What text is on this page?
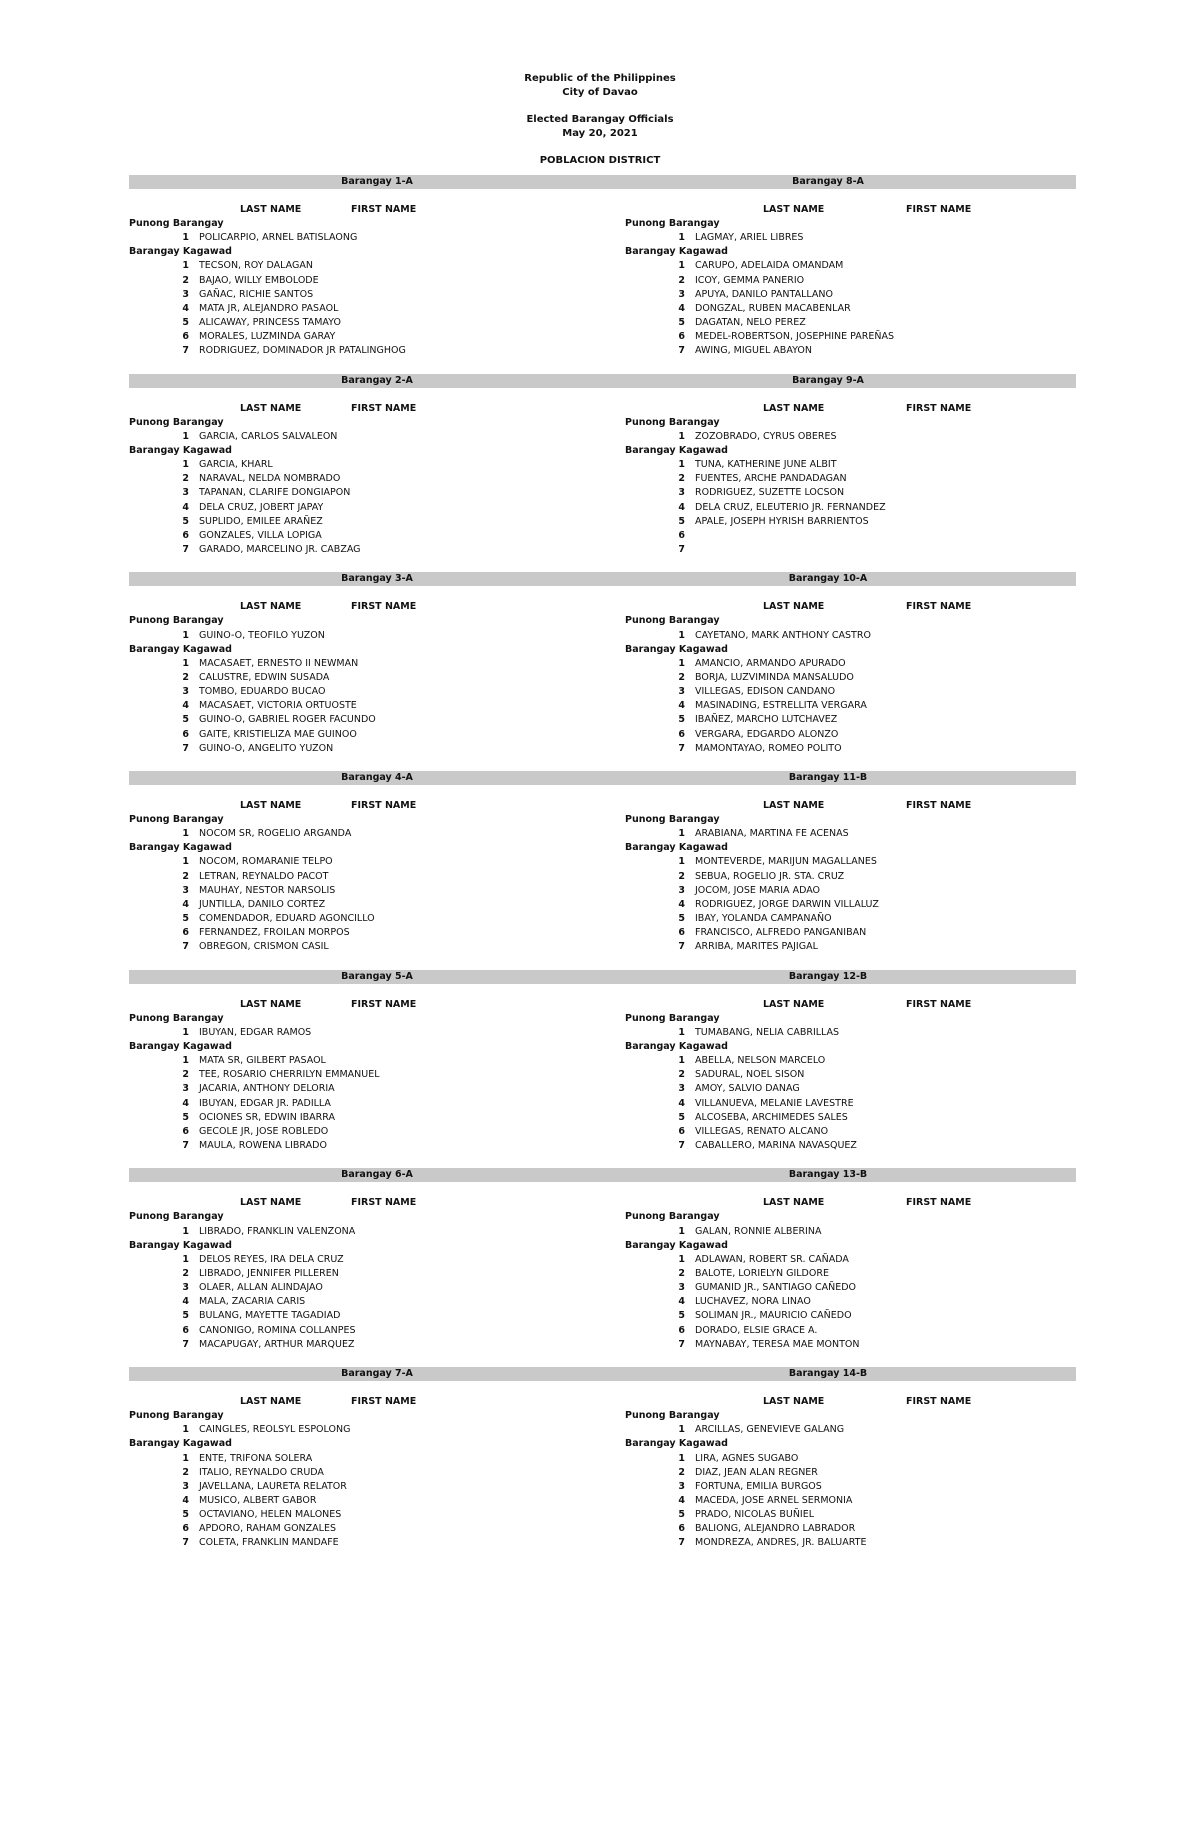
Republic of the Philippines
City of Davao
Elected Barangay Officials
May 20, 2021
POBLACION DISTRICT
Barangay 1-A
LAST NAME	FIRST NAME
Punong Barangay
1 POLICARPIO, ARNEL BATISLAONG
Barangay Kagawad
1 TECSON, ROY DALAGAN
2 BAJAO, WILLY EMBOLODE
3 GAÑAC, RICHIE SANTOS
4 MATA JR, ALEJANDRO PASAOL
5 ALICAWAY, PRINCESS TAMAYO
6 MORALES, LUZMINDA GARAY
7 RODRIGUEZ, DOMINADOR JR PATALINGHOG
Barangay 8-A
LAST NAME	FIRST NAME
Punong Barangay
1 LAGMAY, ARIEL LIBRES
Barangay Kagawad
1 CARUPO, ADELAIDA OMANDAM
2 ICOY, GEMMA PANERIO
3 APUYA, DANILO PANTALLANO
4 DONGZAL, RUBEN MACABENLAR
5 DAGATAN, NELO PEREZ
6 MEDEL-ROBERTSON, JOSEPHINE PAREÑAS
7 AWING, MIGUEL ABAYON
Barangay 2-A
LAST NAME	FIRST NAME
Punong Barangay
1 GARCIA, CARLOS SALVALEON
Barangay Kagawad
1 GARCIA, KHARL
2 NARAVAL, NELDA NOMBRADO
3 TAPANAN, CLARIFE DONGIAPON
4 DELA CRUZ, JOBERT JAPAY
5 SUPLIDO, EMILEE ARAÑEZ
6 GONZALES, VILLA LOPIGA
7 GARADO, MARCELINO JR. CABZAG
Barangay 9-A
LAST NAME	FIRST NAME
Punong Barangay
1 ZOZOBRADO, CYRUS OBERES
Barangay Kagawad
1 TUNA, KATHERINE JUNE ALBIT
2 FUENTES, ARCHE PANDADAGAN
3 RODRIGUEZ, SUZETTE LOCSON
4 DELA CRUZ, ELEUTERIO JR. FERNANDEZ
5 APALE, JOSEPH HYRISH BARRIENTOS
6
7
Barangay 3-A
LAST NAME	FIRST NAME
Punong Barangay
1 GUINO-O, TEOFILO YUZON
Barangay Kagawad
1 MACASAET, ERNESTO II NEWMAN
2 CALUSTRE, EDWIN SUSADA
3 TOMBO, EDUARDO BUCAO
4 MACASAET, VICTORIA ORTUOSTE
5 GUINO-O, GABRIEL ROGER FACUNDO
6 GAITE, KRISTIELIZA MAE GUINOO
7 GUINO-O, ANGELITO YUZON
Barangay 10-A
LAST NAME	FIRST NAME
Punong Barangay
1 CAYETANO, MARK ANTHONY CASTRO
Barangay Kagawad
1 AMANCIO, ARMANDO APURADO
2 BORJA, LUZVIMINDA MANSALUDO
3 VILLEGAS, EDISON CANDANO
4 MASINADING, ESTRELLITA VERGARA
5 IBAÑEZ, MARCHO LUTCHAVEZ
6 VERGARA, EDGARDO ALONZO
7 MAMONTAYAO, ROMEO POLITO
Barangay 4-A
LAST NAME	FIRST NAME
Punong Barangay
1 NOCOM SR, ROGELIO ARGANDA
Barangay Kagawad
1 NOCOM, ROMARANIE TELPO
2 LETRAN, REYNALDO PACOT
3 MAUHAY, NESTOR NARSOLIS
4 JUNTILLA, DANILO CORTEZ
5 COMENDADOR, EDUARD AGONCILLO
6 FERNANDEZ, FROILAN MORPOS
7 OBREGON, CRISMON CASIL
Barangay 11-B
LAST NAME	FIRST NAME
Punong Barangay
1 ARABIANA, MARTINA FE ACENAS
Barangay Kagawad
1 MONTEVERDE, MARIJUN MAGALLANES
2 SEBUA, ROGELIO JR. STA. CRUZ
3 JOCOM, JOSE MARIA ADAO
4 RODRIGUEZ, JORGE DARWIN VILLALUZ
5 IBAY, YOLANDA CAMPANAÑO
6 FRANCISCO, ALFREDO PANGANIBAN
7 ARRIBA, MARITES PAJIGAL
Barangay 5-A
LAST NAME	FIRST NAME
Punong Barangay
1 IBUYAN, EDGAR RAMOS
Barangay Kagawad
1 MATA SR, GILBERT PASAOL
2 TEE, ROSARIO CHERRILYN EMMANUEL
3 JACARIA, ANTHONY DELORIA
4 IBUYAN, EDGAR JR. PADILLA
5 OCIONES SR, EDWIN IBARRA
6 GECOLE JR, JOSE ROBLEDO
7 MAULA, ROWENA LIBRADO
Barangay 12-B
LAST NAME	FIRST NAME
Punong Barangay
1 TUMABANG, NELIA CABRILLAS
Barangay Kagawad
1 ABELLA, NELSON MARCELO
2 SADURAL, NOEL SISON
3 AMOY, SALVIO DANAG
4 VILLANUEVA, MELANIE LAVESTRE
5 ALCOSEBA, ARCHIMEDES SALES
6 VILLEGAS, RENATO ALCANO
7 CABALLERO, MARINA NAVASQUEZ
Barangay 6-A
LAST NAME	FIRST NAME
Punong Barangay
1 LIBRADO, FRANKLIN VALENZONA
Barangay Kagawad
1 DELOS REYES, IRA DELA CRUZ
2 LIBRADO, JENNIFER PILLEREN
3 OLAER, ALLAN ALINDAJAO
4 MALA, ZACARIA CARIS
5 BULANG, MAYETTE TAGADIAD
6 CANONIGO, ROMINA COLLANPES
7 MACAPUGAY, ARTHUR MARQUEZ
Barangay 13-B
LAST NAME	FIRST NAME
Punong Barangay
1 GALAN, RONNIE ALBERINA
Barangay Kagawad
1 ADLAWAN, ROBERT SR. CAÑADA
2 BALOTE, LORIELYN GILDORE
3 GUMANID JR., SANTIAGO CAÑEDO
4 LUCHAVEZ, NORA LINAO
5 SOLIMAN JR., MAURICIO CAÑEDO
6 DORADO, ELSIE GRACE A.
7 MAYNABAY, TERESA MAE MONTON
Barangay 7-A
LAST NAME	FIRST NAME
Punong Barangay
1 CAINGLES, REOLSYL ESPOLONG
Barangay Kagawad
1 ENTE, TRIFONA SOLERA
2 ITALIO, REYNALDO CRUDA
3 JAVELLANA, LAURETA RELATOR
4 MUSICO, ALBERT GABOR
5 OCTAVIANO, HELEN MALONES
6 APDORO, RAHAM GONZALES
7 COLETA, FRANKLIN MANDAFE
Barangay 14-B
LAST NAME	FIRST NAME
Punong Barangay
1 ARCILLAS, GENEVIEVE GALANG
Barangay Kagawad
1 LIRA, AGNES SUGABO
2 DIAZ, JEAN ALAN REGNER
3 FORTUNA, EMILIA BURGOS
4 MACEDA, JOSE ARNEL SERMONIA
5 PRADO, NICOLAS BUÑIEL
6 BALIONG, ALEJANDRO LABRADOR
7 MONDREZA, ANDRES, JR. BALUARTE
